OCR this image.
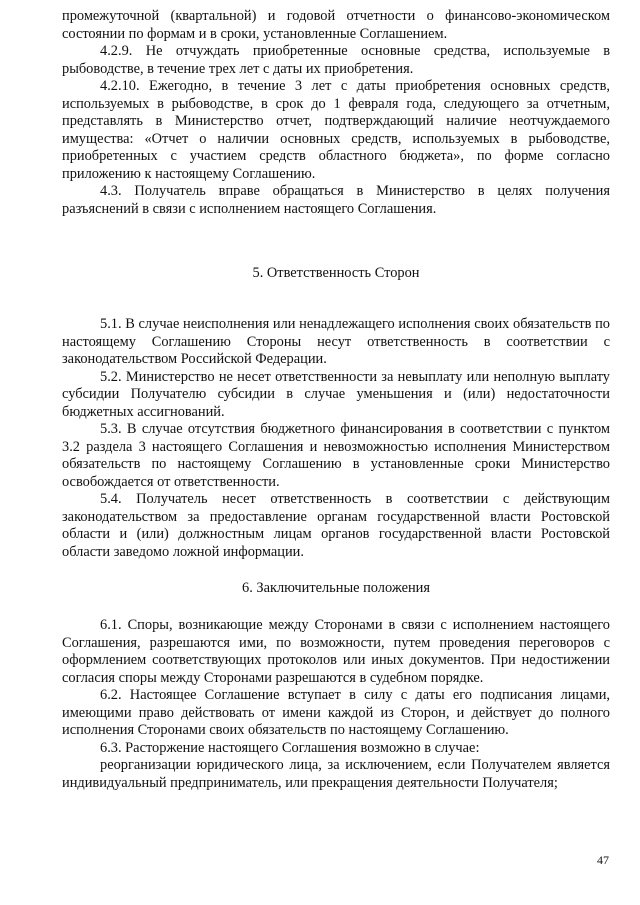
промежуточной (квартальной) и годовой отчетности о финансово-экономическом состоянии по формам и в сроки, установленные Соглашением.

4.2.9. Не отчуждать приобретенные основные средства, используемые в рыбоводстве, в течение трех лет с даты их приобретения.

4.2.10. Ежегодно, в течение 3 лет с даты приобретения основных средств, используемых в рыбоводстве, в срок до 1 февраля года, следующего за отчетным, представлять в Министерство отчет, подтверждающий наличие неотчуждаемого имущества: «Отчет о наличии основных средств, используемых в рыбоводстве, приобретенных с участием средств областного бюджета», по форме согласно приложению к настоящему Соглашению.

4.3. Получатель вправе обращаться в Министерство в целях получения разъяснений в связи с исполнением настоящего Соглашения.

5. Ответственность Сторон

5.1. В случае неисполнения или ненадлежащего исполнения своих обязательств по настоящему Соглашению Стороны несут ответственность в соответствии с законодательством Российской Федерации.

5.2. Министерство не несет ответственности за невыплату или неполную выплату субсидии Получателю субсидии в случае уменьшения и (или) недостаточности бюджетных ассигнований.

5.3. В случае отсутствия бюджетного финансирования в соответствии с пунктом 3.2 раздела 3 настоящего Соглашения и невозможностью исполнения Министерством обязательств по настоящему Соглашению в установленные сроки Министерство освобождается от ответственности.

5.4. Получатель несет ответственность в соответствии с действующим законодательством за предоставление органам государственной власти Ростовской области и (или) должностным лицам органов государственной власти Ростовской области заведомо ложной информации.

6. Заключительные положения

6.1. Споры, возникающие между Сторонами в связи с исполнением настоящего Соглашения, разрешаются ими, по возможности, путем проведения переговоров с оформлением соответствующих протоколов или иных документов. При недостижении согласия споры между Сторонами разрешаются в судебном порядке.

6.2. Настоящее Соглашение вступает в силу с даты его подписания лицами, имеющими право действовать от имени каждой из Сторон, и действует до полного исполнения Сторонами своих обязательств по настоящему Соглашению.

6.3. Расторжение настоящего Соглашения возможно в случае:

реорганизации юридического лица, за исключением, если Получателем является индивидуальный предприниматель, или прекращения деятельности Получателя;

47
